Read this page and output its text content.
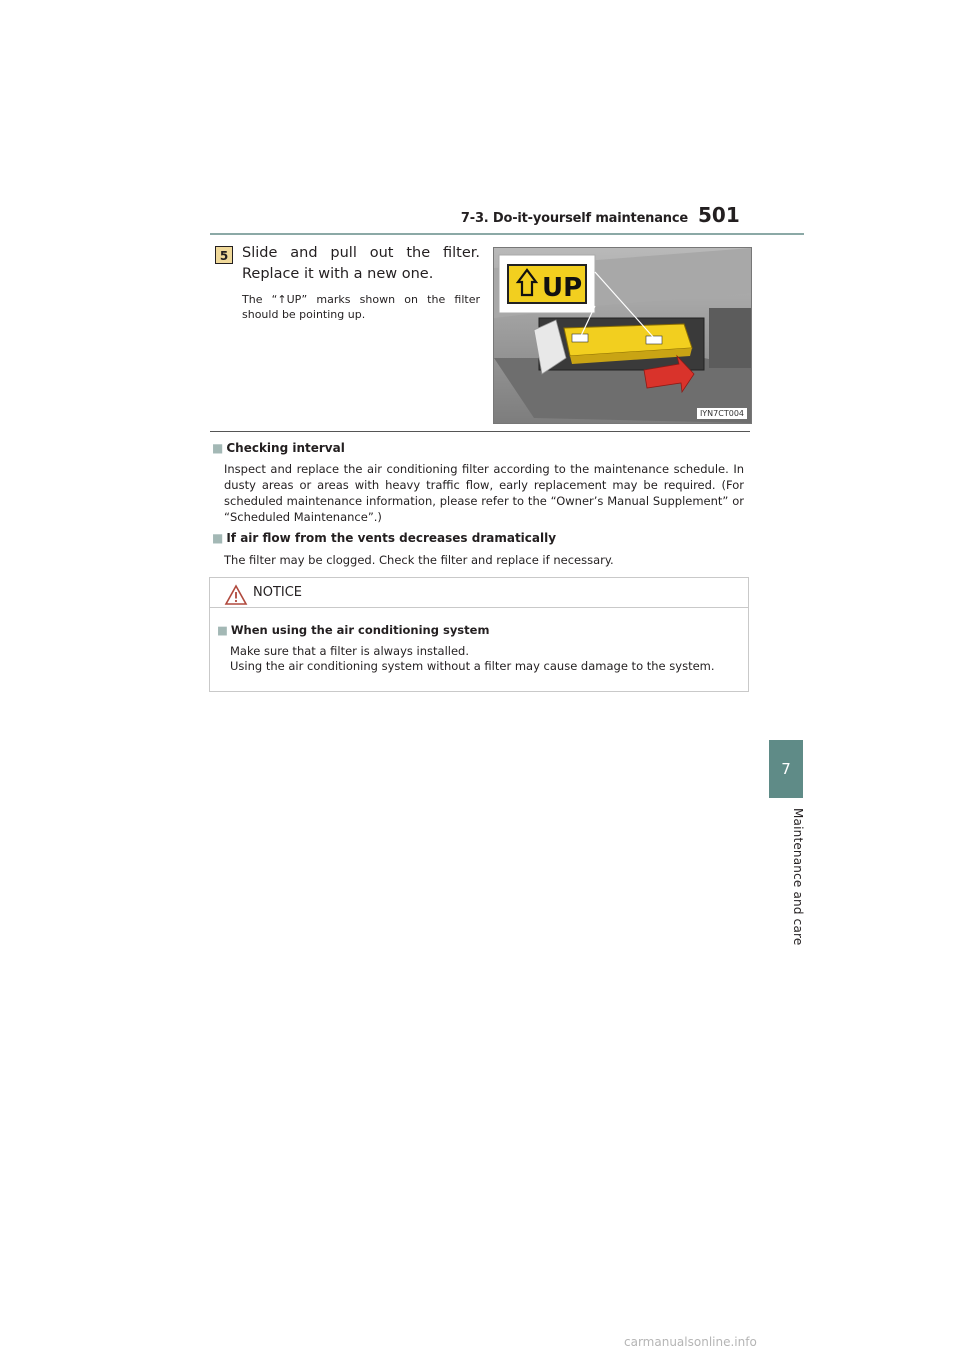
7-3. Do-it-yourself maintenance 501
7
Maintenance and care
5 Slide and pull out the filter. Replace it with a new one.
The “↑UP” marks shown on the filter should be pointing up.
UP
IYN7CT004
■ Checking interval
Inspect and replace the air conditioning filter according to the maintenance schedule. In dusty areas or areas with heavy traffic flow, early replacement may be required. (For scheduled maintenance information, please refer to the “Owner’s Manual Supplement” or “Scheduled Maintenance”.)
■ If air flow from the vents decreases dramatically
The filter may be clogged. Check the filter and replace if necessary.
NOTICE
■ When using the air conditioning system
Make sure that a filter is always installed.
Using the air conditioning system without a filter may cause damage to the system.
carmanualsonline.info
